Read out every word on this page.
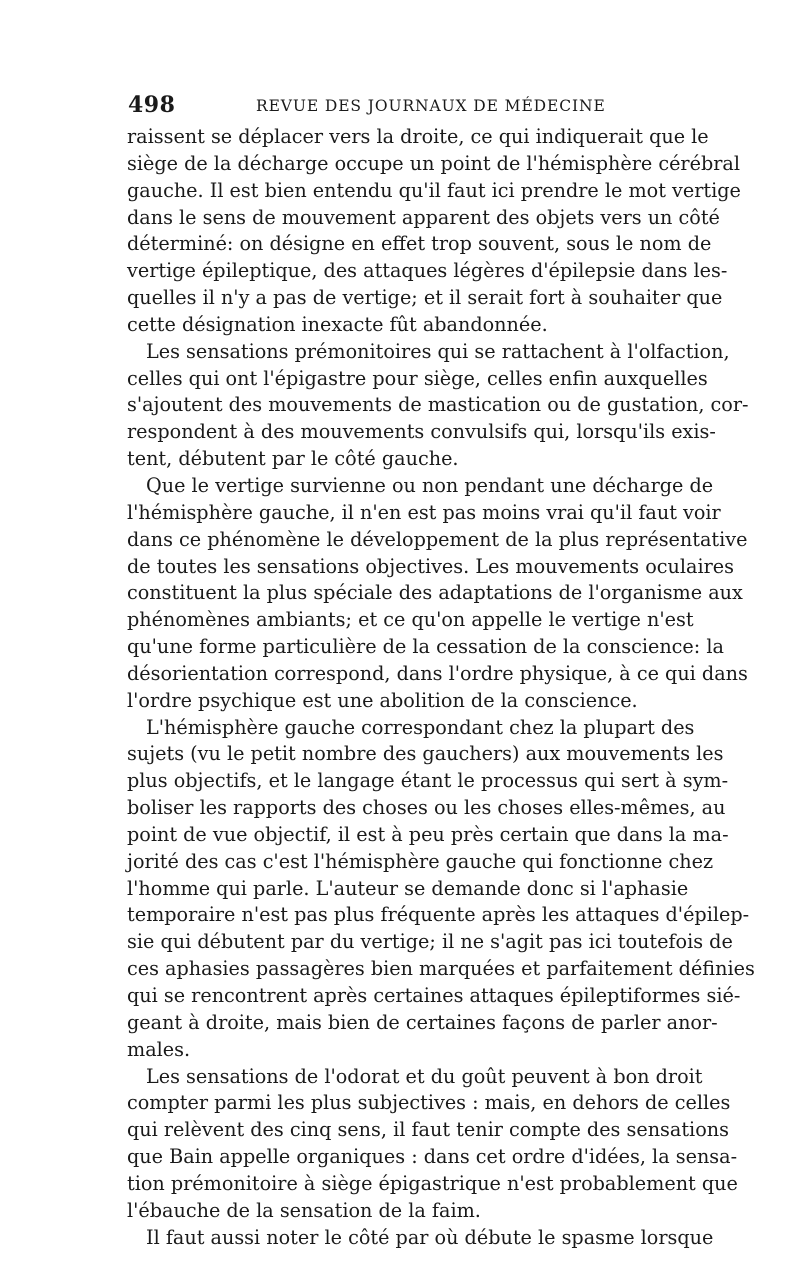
498	REVUE DES JOURNAUX DE MÉDECINE
raissent se déplacer vers la droite, ce qui indiquerait que le
siège de la décharge occupe un point de l'hémisphère cérébral
gauche. Il est bien entendu qu'il faut ici prendre le mot vertige
dans le sens de mouvement apparent des objets vers un côté
déterminé: on désigne en effet trop souvent, sous le nom de
vertige épileptique, des attaques légères d'épilepsie dans les-
quelles il n'y a pas de vertige; et il serait fort à souhaiter que
cette désignation inexacte fût abandonnée.
Les sensations prémonitoires qui se rattachent à l'olfaction,
celles qui ont l'épigastre pour siège, celles enfin auxquelles
s'ajoutent des mouvements de mastication ou de gustation, cor-
respondent à des mouvements convulsifs qui, lorsqu'ils exis-
tent, débutent par le côté gauche.
Que le vertige survienne ou non pendant une décharge de
l'hémisphère gauche, il n'en est pas moins vrai qu'il faut voir
dans ce phénomène le développement de la plus représentative
de toutes les sensations objectives. Les mouvements oculaires
constituent la plus spéciale des adaptations de l'organisme aux
phénomènes ambiants; et ce qu'on appelle le vertige n'est
qu'une forme particulière de la cessation de la conscience: la
désorientation correspond, dans l'ordre physique, à ce qui dans
l'ordre psychique est une abolition de la conscience.
L'hémisphère gauche correspondant chez la plupart des
sujets (vu le petit nombre des gauchers) aux mouvements les
plus objectifs, et le langage étant le processus qui sert à sym-
boliser les rapports des choses ou les choses elles-mêmes, au
point de vue objectif, il est à peu près certain que dans la ma-
jorité des cas c'est l'hémisphère gauche qui fonctionne chez
l'homme qui parle. L'auteur se demande donc si l'aphasie
temporaire n'est pas plus fréquente après les attaques d'épilep-
sie qui débutent par du vertige; il ne s'agit pas ici toutefois de
ces aphasies passagères bien marquées et parfaitement définies
qui se rencontrent après certaines attaques épileptiformes sié-
geant à droite, mais bien de certaines façons de parler anor-
males.
Les sensations de l'odorat et du goût peuvent à bon droit
compter parmi les plus subjectives : mais, en dehors de celles
qui relèvent des cinq sens, il faut tenir compte des sensations
que Bain appelle organiques : dans cet ordre d'idées, la sensa-
tion prémonitoire à siège épigastrique n'est probablement que
l'ébauche de la sensation de la faim.
Il faut aussi noter le côté par où débute le spasme lorsque
